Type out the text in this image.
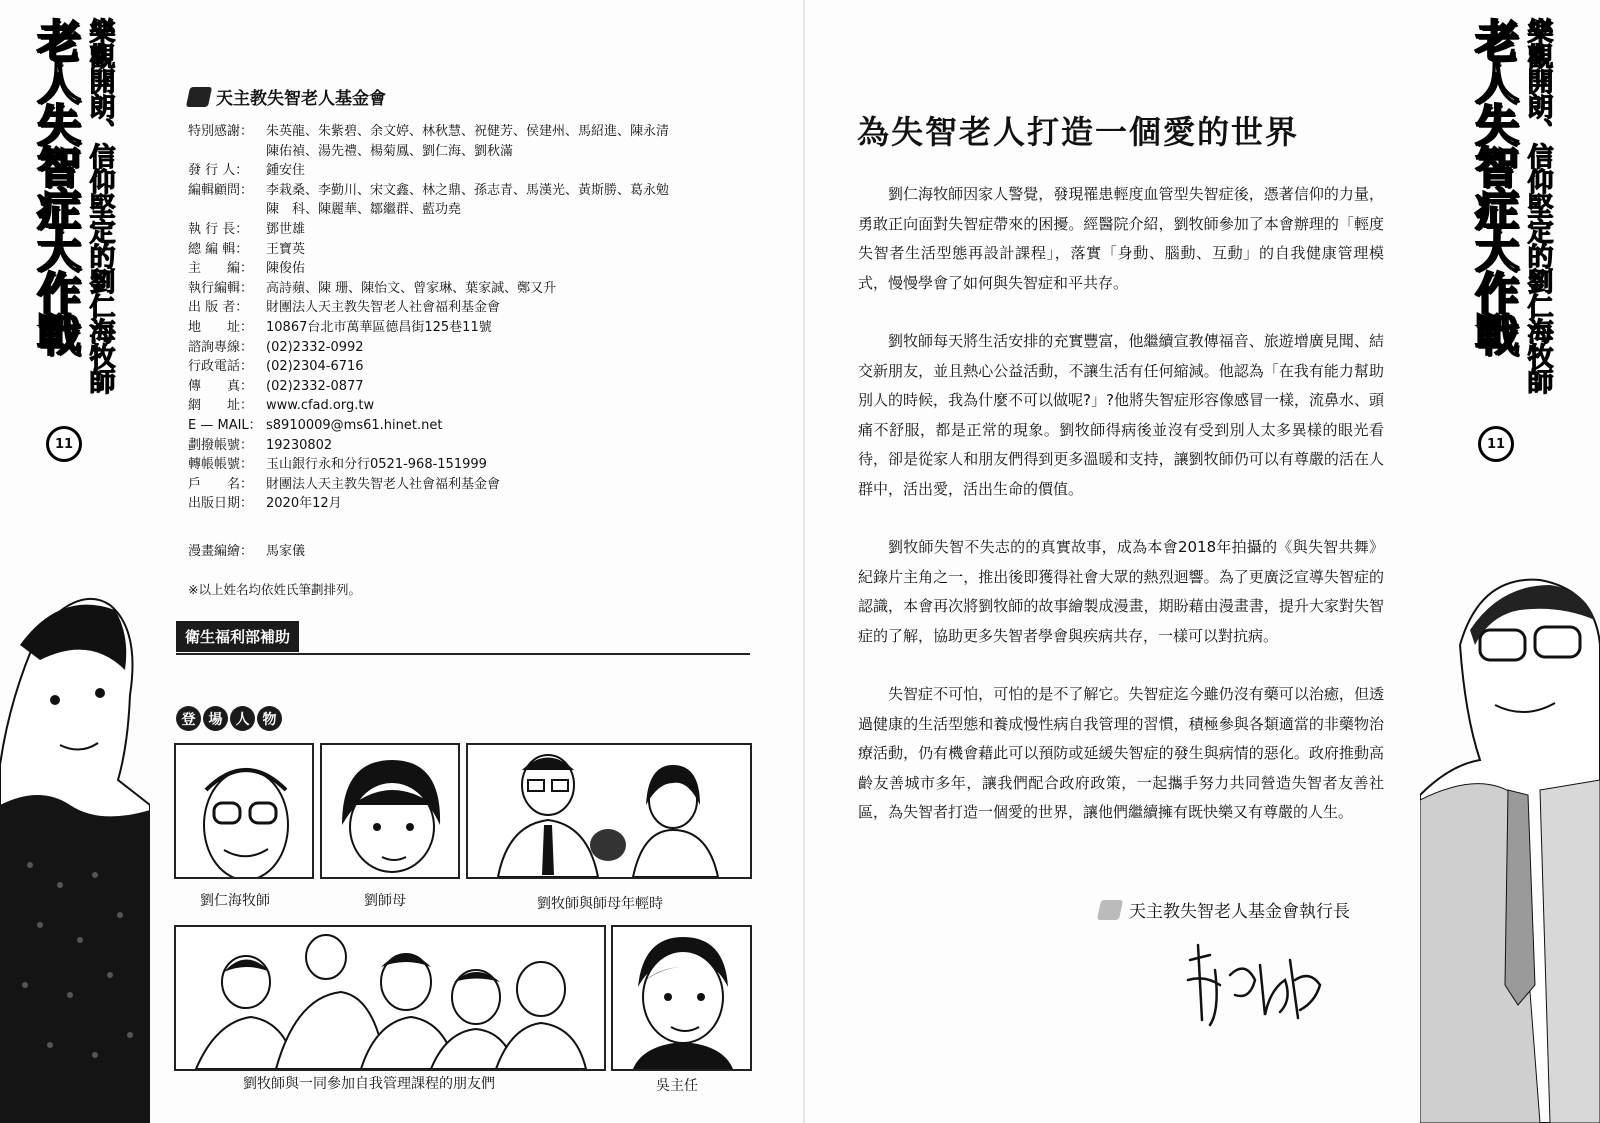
樂觀開朗、信仰堅定的劉仁海牧師
老人失智症大作戰
11
樂觀開朗、信仰堅定的劉仁海牧師
老人失智症大作戰
11
天主教失智老人基金會
特別感謝： 朱英龍、朱紫碧、余文婷、林秋慧、祝健芳、侯建州、馬紹進、陳永清
陳佑禎、湯先禮、楊菊鳳、劉仁海、劉秋滿
發 行 人：	鍾安住
編輯顧問： 李栽桑、李勤川、宋文鑫、林之鼎、孫志青、馬漢光、黃斯勝、葛永勉
陳　科、陳麗華、鄒繼群、藍功堯
執 行 長：	鄧世雄
總 編 輯：	王寶英
主　　編： 陳俊佑
執行編輯： 高詩蘋、陳 珊、陳怡文、曾家琳、葉家誠、鄭又升
出 版 者：	財團法人天主教失智老人社會福利基金會
地　　址： 10867台北市萬華區德昌街125巷11號
諮詢專線： (02)2332-0992
行政電話： (02)2304-6716
傳　　真： (02)2332-0877
網　　址： www.cfad.org.tw
E — MAIL： s8910009@ms61.hinet.net
劃撥帳號： 19230802
轉帳帳號： 玉山銀行永和分行0521-968-151999
戶　　名： 財團法人天主教失智老人社會福利基金會
出版日期： 2020年12月
漫畫編繪： 馬家儀
※以上姓名均依姓氏筆劃排列。
衛生福利部補助
登 場 人 物
劉仁海牧師	劉師母	劉牧師與師母年輕時
劉牧師與一同參加自我管理課程的朋友們	吳主任
為失智老人打造一個愛的世界

劉仁海牧師因家人警覺，發現罹患輕度血管型失智症後，憑著信仰的力量，勇敢正向面對失智症帶來的困擾。經醫院介紹，劉牧師參加了本會辦理的「輕度失智者生活型態再設計課程」，落實「身動、腦動、互動」的自我健康管理模式，慢慢學會了如何與失智症和平共存。

劉牧師每天將生活安排的充實豐富，他繼續宣教傳福音、旅遊增廣見聞、結交新朋友，並且熱心公益活動，不讓生活有任何縮減。他認為「在我有能力幫助別人的時候，我為什麼不可以做呢?」?他將失智症形容像感冒一樣，流鼻水、頭痛不舒服，都是正常的現象。劉牧師得病後並沒有受到別人太多異樣的眼光看待，卻是從家人和朋友們得到更多溫暖和支持，讓劉牧師仍可以有尊嚴的活在人群中，活出愛，活出生命的價值。

劉牧師失智不失志的的真實故事，成為本會2018年拍攝的《與失智共舞》紀錄片主角之一，推出後即獲得社會大眾的熱烈迴響。為了更廣泛宣導失智症的認識，本會再次將劉牧師的故事繪製成漫畫，期盼藉由漫畫書，提升大家對失智症的了解，協助更多失智者學會與疾病共存，一樣可以對抗病。

失智症不可怕，可怕的是不了解它。失智症迄今雖仍沒有藥可以治癒，但透過健康的生活型態和養成慢性病自我管理的習慣，積極參與各類適當的非藥物治療活動，仍有機會藉此可以預防或延緩失智症的發生與病情的惡化。政府推動高齡友善城市多年，讓我們配合政府政策，一起攜手努力共同營造失智者友善社區，為失智者打造一個愛的世界，讓他們繼續擁有既快樂又有尊嚴的人生。

天主教失智老人基金會執行長
